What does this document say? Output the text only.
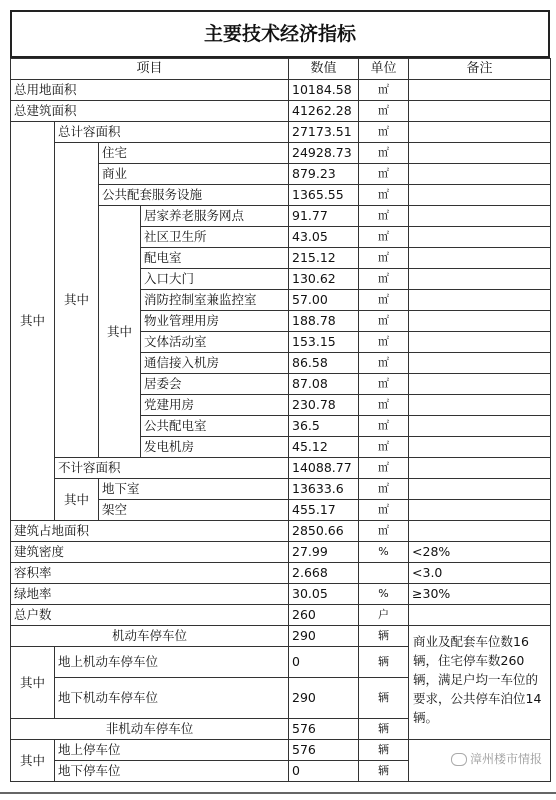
主要技术经济指标
项目				数值	单位	备注
总用地面积				10184.58	㎡	
总建筑面积				41262.28	㎡	
其中	总计容面积			27173.51	㎡	
	其中	住宅		24928.73	㎡	
		商业		879.23	㎡	
		公共配套服务设施		1365.55	㎡	
		其中	居家养老服务网点	91.77	㎡	
			社区卫生所	43.05	㎡	
			配电室	215.12	㎡	
			入口大门	130.62	㎡	
			消防控制室兼监控室	57.00	㎡	
			物业管理用房	188.78	㎡	
			文体活动室	153.15	㎡	
			通信接入机房	86.58	㎡	
			居委会	87.08	㎡	
			党建用房	230.78	㎡	
			公共配电室	36.5	㎡	
			发电机房	45.12	㎡	
	不计容面积			14088.77	㎡	
	其中	地下室		13633.6	㎡	
		架空		455.17	㎡	
建筑占地面积				2850.66	㎡	
建筑密度				27.99	%	<28%
容积率				2.668		<3.0
绿地率				30.05	%	≥30%
总户数				260	户	
机动车停车位				290	辆	商业及配套车位数16辆，住宅停车数260辆，满足户均一车位的要求，公共停车泊位14辆。
其中	地上机动车停车位			0	辆	
	地下机动车停车位			290	辆	
非机动车停车位				576	辆	
其中	地上停车位			576	辆	
	地下停车位			0	辆	
漳州楼市情报
